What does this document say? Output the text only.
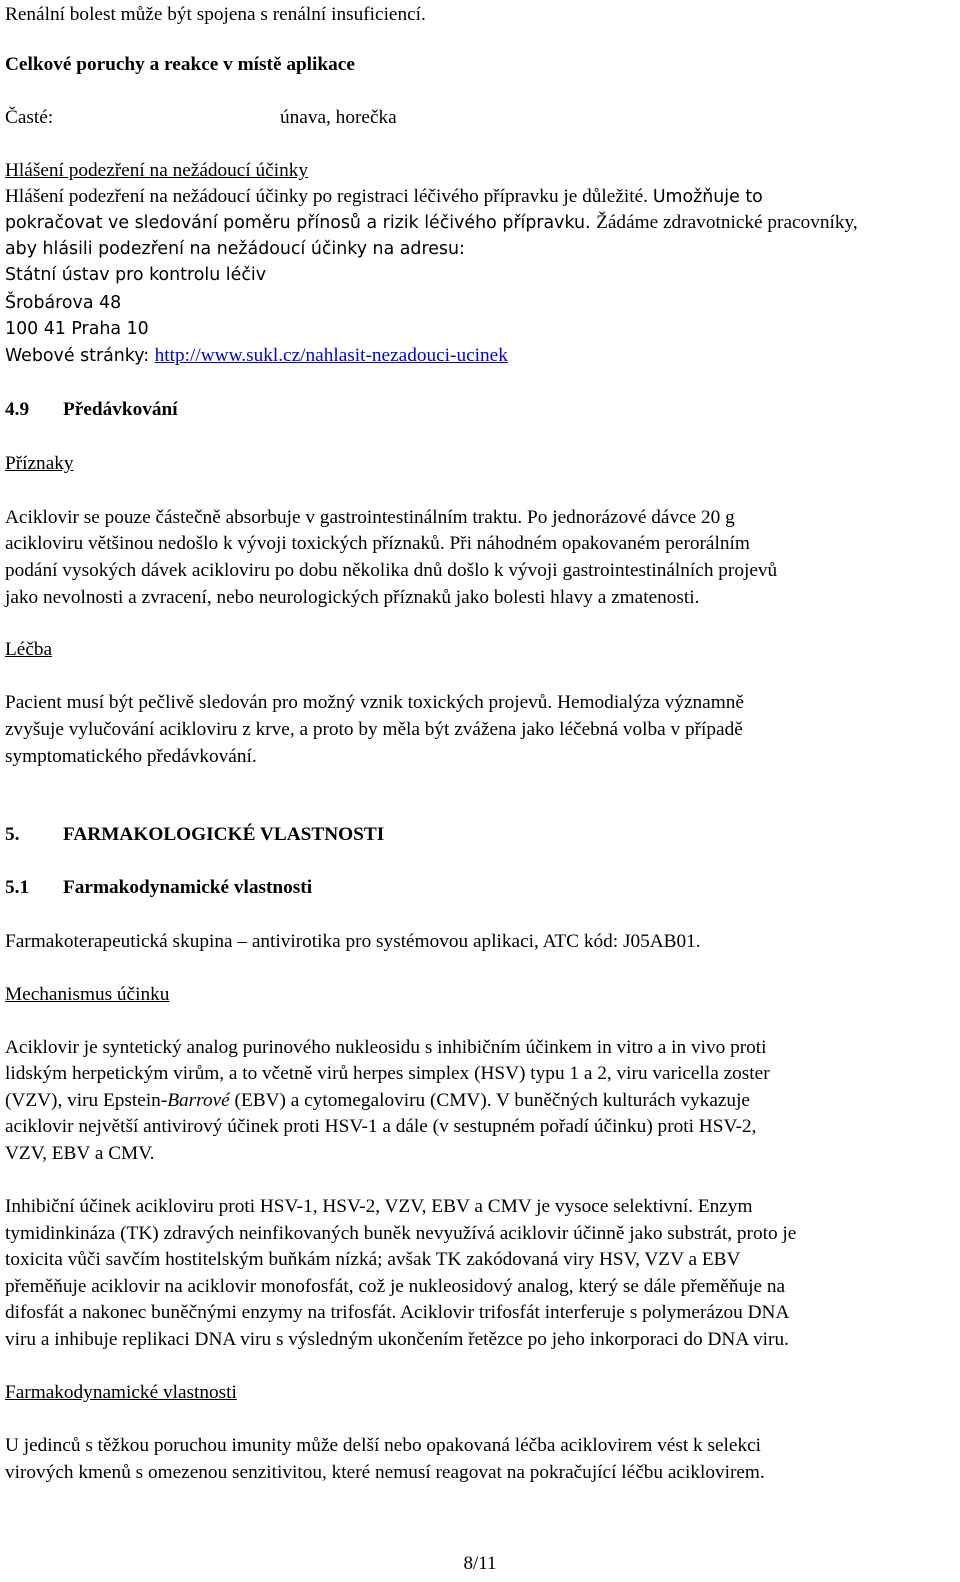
Renální bolest může být spojena s renální insuficiencí.
Celkové poruchy a reakce v místě aplikace
Časté:	únava, horečka
Hlášení podezření na nežádoucí účinky
Hlášení podezření na nežádoucí účinky po registraci léčivého přípravku je důležité. Umožňuje to
pokračovat ve sledování poměru přínosů a rizik léčivého přípravku. Žádáme zdravotnické pracovníky,
aby hlásili podezření na nežádoucí účinky na adresu:
Státní ústav pro kontrolu léčiv
Šrobárova 48
100 41 Praha 10
Webové stránky: http://www.sukl.cz/nahlasit-nezadouci-ucinek
4.9 Předávkování
Příznaky
Aciklovir se pouze částečně absorbuje v gastrointestinálním traktu. Po jednorázové dávce 20 g
acikloviru většinou nedošlo k vývoji toxických příznaků. Při náhodném opakovaném perorálním
podání vysokých dávek acikloviru po dobu několika dnů došlo k vývoji gastrointestinálních projevů
jako nevolnosti a zvracení, nebo neurologických příznaků jako bolesti hlavy a zmatenosti.
Léčba
Pacient musí být pečlivě sledován pro možný vznik toxických projevů. Hemodialýza významně
zvyšuje vylučování acikloviru z krve, a proto by měla být zvážena jako léčebná volba v případě
symptomatického předávkování.
5. FARMAKOLOGICKÉ VLASTNOSTI
5.1 Farmakodynamické vlastnosti
Farmakoterapeutická skupina – antivirotika pro systémovou aplikaci, ATC kód: J05AB01.
Mechanismus účinku
Aciklovir je syntetický analog purinového nukleosidu s inhibičním účinkem in vitro a in vivo proti
lidským herpetickým virům, a to včetně virů herpes simplex (HSV) typu 1 a 2, viru varicella zoster
(VZV), viru Epstein-Barrové (EBV) a cytomegaloviru (CMV). V buněčných kulturách vykazuje
aciklovir největší antivirový účinek proti HSV-1 a dále (v sestupném pořadí účinku) proti HSV-2,
VZV, EBV a CMV.
Inhibiční účinek acikloviru proti HSV-1, HSV-2, VZV, EBV a CMV je vysoce selektivní. Enzym
tymidinkináza (TK) zdravých neinfikovaných buněk nevyužívá aciklovir účinně jako substrát, proto je
toxicita vůči savčím hostitelským buňkám nízká; avšak TK zakódovaná viry HSV, VZV a EBV
přeměňuje aciklovir na aciklovir monofosfát, což je nukleosidový analog, který se dále přeměňuje na
difosfát a nakonec buněčnými enzymy na trifosfát. Aciklovir trifosfát interferuje s polymerázou DNA
viru a inhibuje replikaci DNA viru s výsledným ukončením řetězce po jeho inkorporaci do DNA viru.
Farmakodynamické vlastnosti
U jedinců s těžkou poruchou imunity může delší nebo opakovaná léčba aciklovirem vést k selekci
virových kmenů s omezenou senzitivitou, které nemusí reagovat na pokračující léčbu aciklovirem.
8/11
